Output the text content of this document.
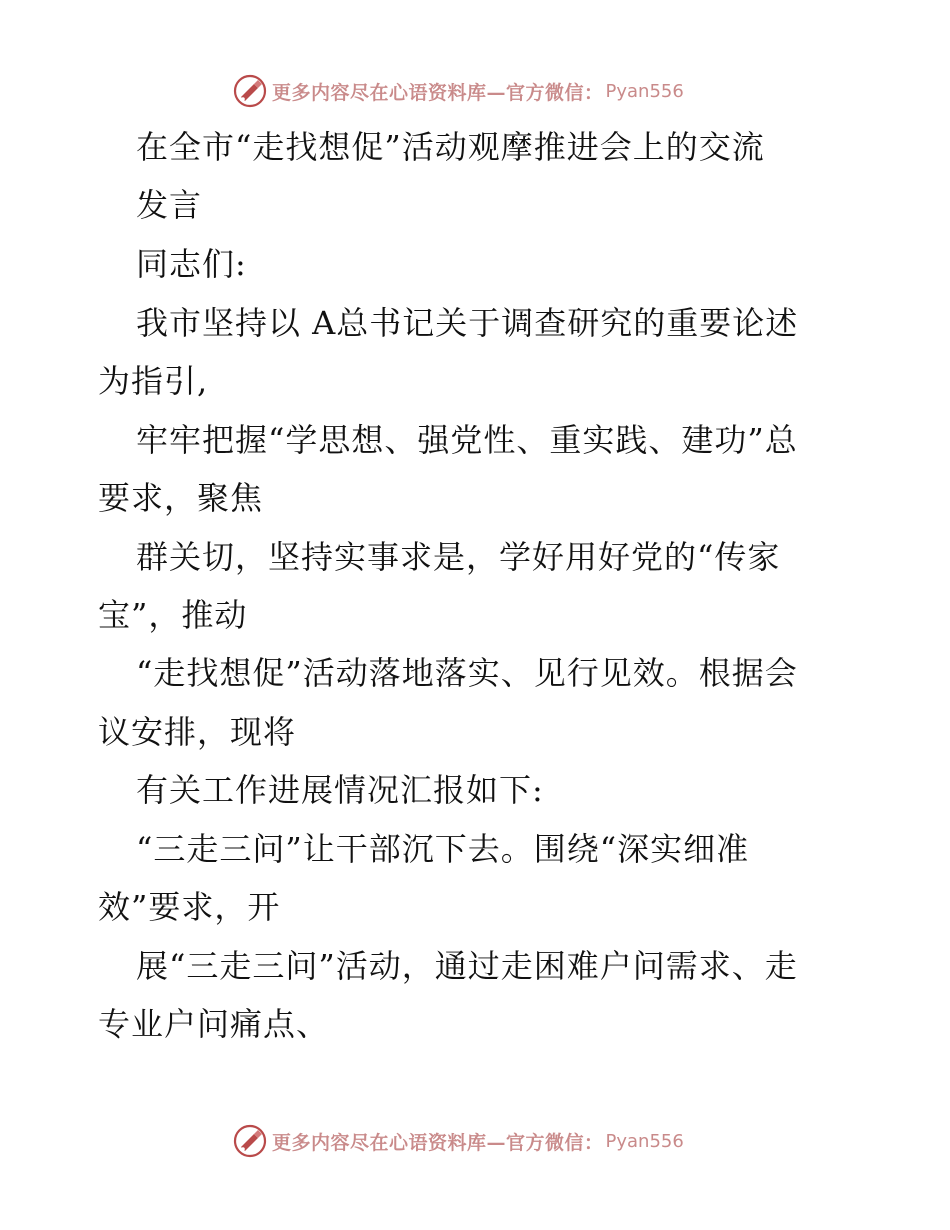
更多内容尽在心语资料库—官方微信： Pyan556
在全市“走找想促”活动观摩推进会上的交流
发言
同志们:
我市坚持以 A总书记关于调查研究的重要论述
为指引,
牢牢把握“学思想、强党性、重实践、建功”总
要求，聚焦
群关切，坚持实事求是，学好用好党的“传家
宝”，推动
“走找想促”活动落地落实、见行见效。根据会
议安排，现将
有关工作进展情况汇报如下:
“三走三问”让干部沉下去。围绕“深实细准
效”要求，开
展“三走三问”活动，通过走困难户问需求、走
专业户问痛点、
更多内容尽在心语资料库—官方微信： Pyan556
